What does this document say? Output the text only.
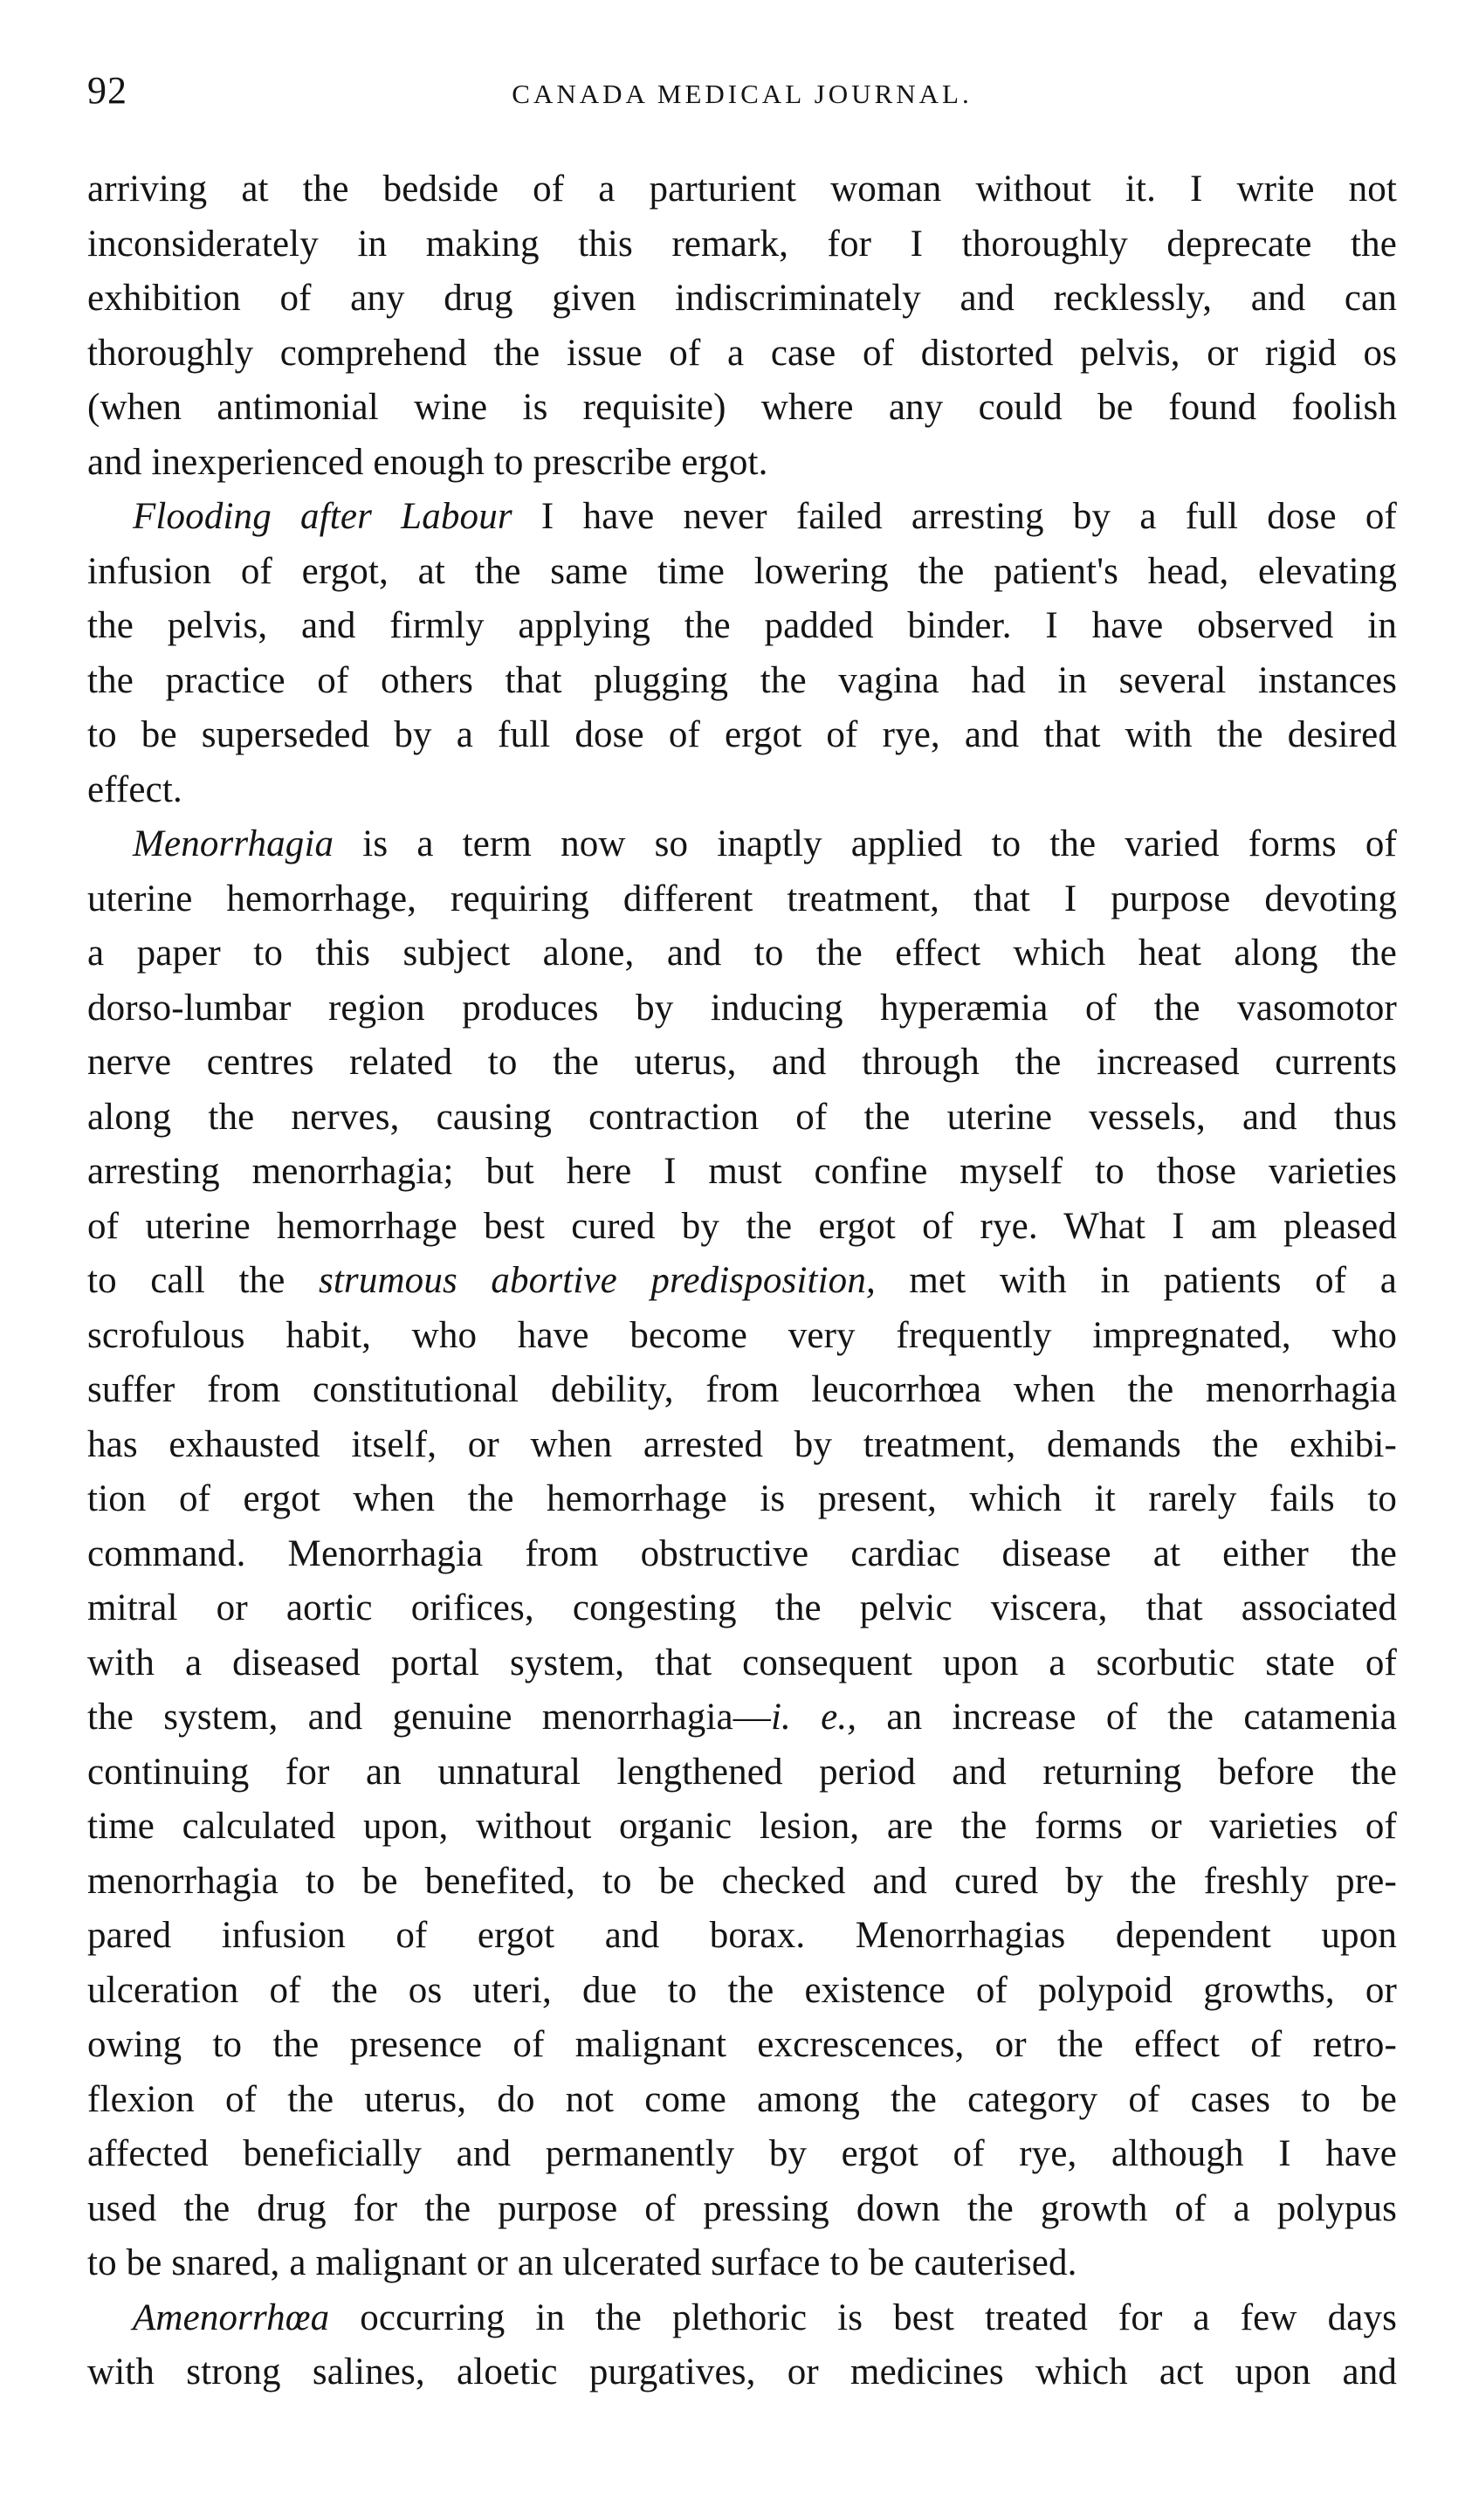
92	CANADA MEDICAL JOURNAL.
arriving at the bedside of a parturient woman without it. I write not
inconsiderately in making this remark, for I thoroughly deprecate the
exhibition of any drug given indiscriminately and recklessly, and can
thoroughly comprehend the issue of a case of distorted pelvis, or rigid os
(when antimonial wine is requisite) where any could be found foolish
and inexperienced enough to prescribe ergot.
Flooding after Labour I have never failed arresting by a full dose of
infusion of ergot, at the same time lowering the patient's head, elevating
the pelvis, and firmly applying the padded binder. I have observed in
the practice of others that plugging the vagina had in several instances
to be superseded by a full dose of ergot of rye, and that with the desired
effect.
Menorrhagia is a term now so inaptly applied to the varied forms of
uterine hemorrhage, requiring different treatment, that I purpose devoting
a paper to this subject alone, and to the effect which heat along the
dorso-lumbar region produces by inducing hyperæmia of the vasomotor
nerve centres related to the uterus, and through the increased currents
along the nerves, causing contraction of the uterine vessels, and thus
arresting menorrhagia; but here I must confine myself to those varieties
of uterine hemorrhage best cured by the ergot of rye. What I am pleased
to call the strumous abortive predisposition, met with in patients of a
scrofulous habit, who have become very frequently impregnated, who
suffer from constitutional debility, from leucorrhœa when the menorrhagia
has exhausted itself, or when arrested by treatment, demands the exhibi-
tion of ergot when the hemorrhage is present, which it rarely fails to
command. Menorrhagia from obstructive cardiac disease at either the
mitral or aortic orifices, congesting the pelvic viscera, that associated
with a diseased portal system, that consequent upon a scorbutic state of
the system, and genuine menorrhagia—i. e., an increase of the catamenia
continuing for an unnatural lengthened period and returning before the
time calculated upon, without organic lesion, are the forms or varieties of
menorrhagia to be benefited, to be checked and cured by the freshly pre-
pared infusion of ergot and borax. Menorrhagias dependent upon
ulceration of the os uteri, due to the existence of polypoid growths, or
owing to the presence of malignant excrescences, or the effect of retro-
flexion of the uterus, do not come among the category of cases to be
affected beneficially and permanently by ergot of rye, although I have
used the drug for the purpose of pressing down the growth of a polypus
to be snared, a malignant or an ulcerated surface to be cauterised.
Amenorrhœa occurring in the plethoric is best treated for a few days
with strong salines, aloetic purgatives, or medicines which act upon and
